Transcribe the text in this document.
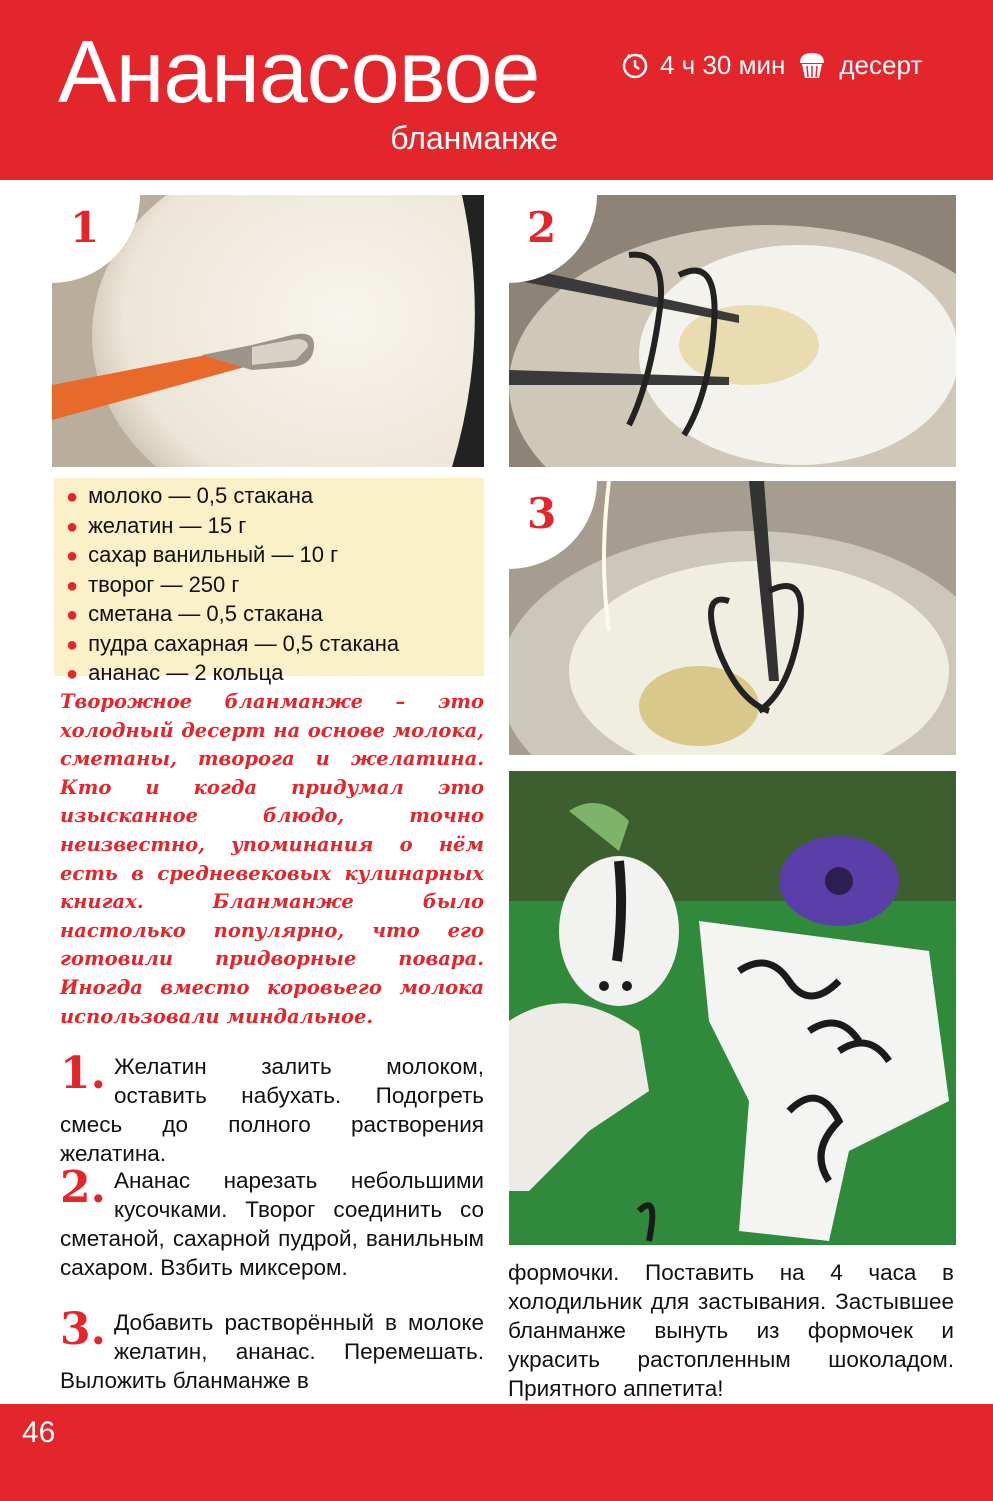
Ананасовое
бланманже
4 ч 30 мин десерт
1	2
3
● молоко — 0,5 стакана
● желатин — 15 г
● сахар ванильный — 10 г
● творог — 250 г
● сметана — 0,5 стакана
● пудра сахарная — 0,5 стакана
● ананас — 2 кольца
Творожное бланманже – это холодный десерт на основе молока, сметаны, творога и желатина. Кто и когда придумал это изысканное блюдо, точно неизвестно, упоминания о нём есть в средневековых кулинарных книгах. Бланманже было настолько популярно, что его готовили придворные повара. Иногда вместо коровьего молока использовали миндальное.
1. Желатин залить молоком, оставить набухать. Подогреть смесь до полного растворения желатина.
2. Ананас нарезать небольшими кусочками. Творог соединить со сметаной, сахарной пудрой, ванильным сахаром. Взбить миксером.
3. Добавить растворённый в молоке желатин, ананас. Перемешать. Выложить бланманже в
формочки. Поставить на 4 часа в холодильник для застывания. Застывшее бланманже вынуть из формочек и украсить растопленным шоколадом. Приятного аппетита!
46
